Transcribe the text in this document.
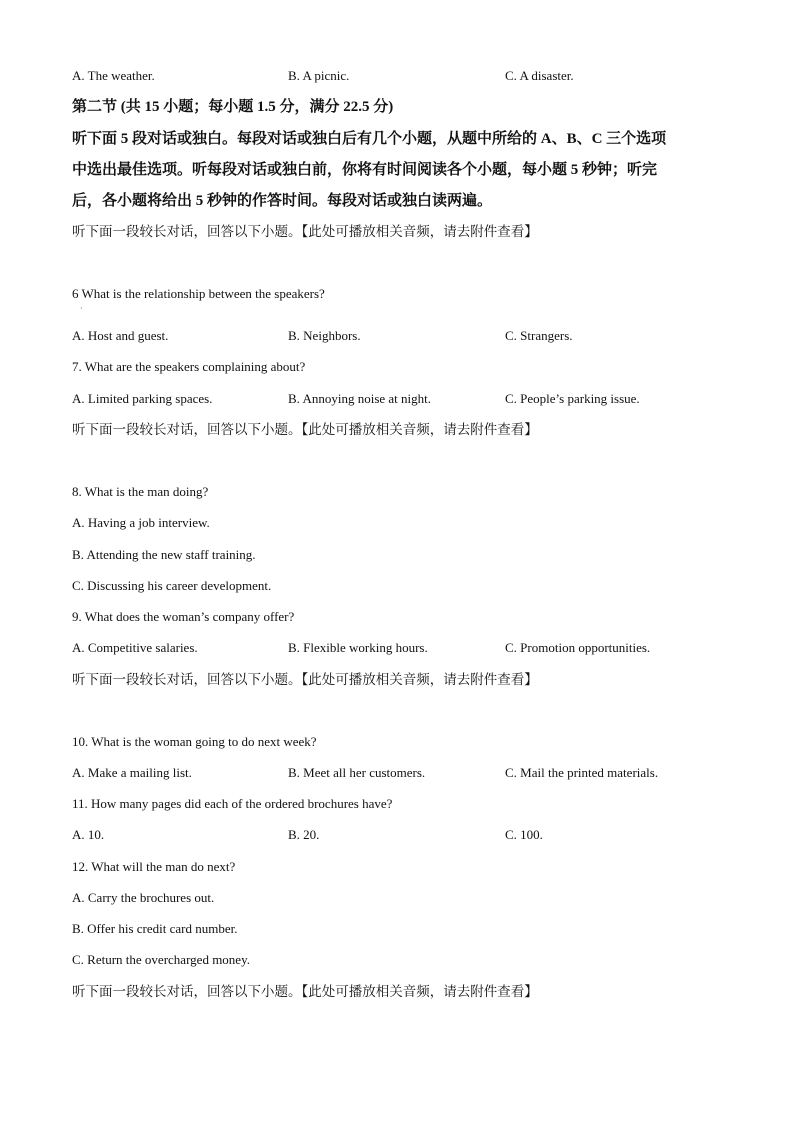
A. The weather.	B. A picnic.	C. A disaster.
第二节 (共 15 小题；每小题 1.5 分，满分 22.5 分)
听下面 5 段对话或独白。每段对话或独白后有几个小题，从题中所给的 A、B、C 三个选项
中选出最佳选项。听每段对话或独白前，你将有时间阅读各个小题，每小题 5 秒钟；听完
后，各小题将给出 5 秒钟的作答时间。每段对话或独白读两遍。
听下面一段较长对话，回答以下小题。【此处可播放相关音频，请去附件查看】
6 What is the relationship between the speakers?
·
A. Host and guest.	B. Neighbors.	C. Strangers.
7. What are the speakers complaining about?
A. Limited parking spaces.	B. Annoying noise at night.	C. People’s parking issue.
听下面一段较长对话，回答以下小题。【此处可播放相关音频，请去附件查看】
8. What is the man doing?
A. Having a job interview.
B. Attending the new staff training.
C. Discussing his career development.
9. What does the woman’s company offer?
A. Competitive salaries.	B. Flexible working hours.	C. Promotion opportunities.
听下面一段较长对话，回答以下小题。【此处可播放相关音频，请去附件查看】
10. What is the woman going to do next week?
A. Make a mailing list.	B. Meet all her customers.	C. Mail the printed materials.
11. How many pages did each of the ordered brochures have?
A. 10.	B. 20.	C. 100.
12. What will the man do next?
A. Carry the brochures out.
B. Offer his credit card number.
C. Return the overcharged money.
听下面一段较长对话，回答以下小题。【此处可播放相关音频，请去附件查看】
